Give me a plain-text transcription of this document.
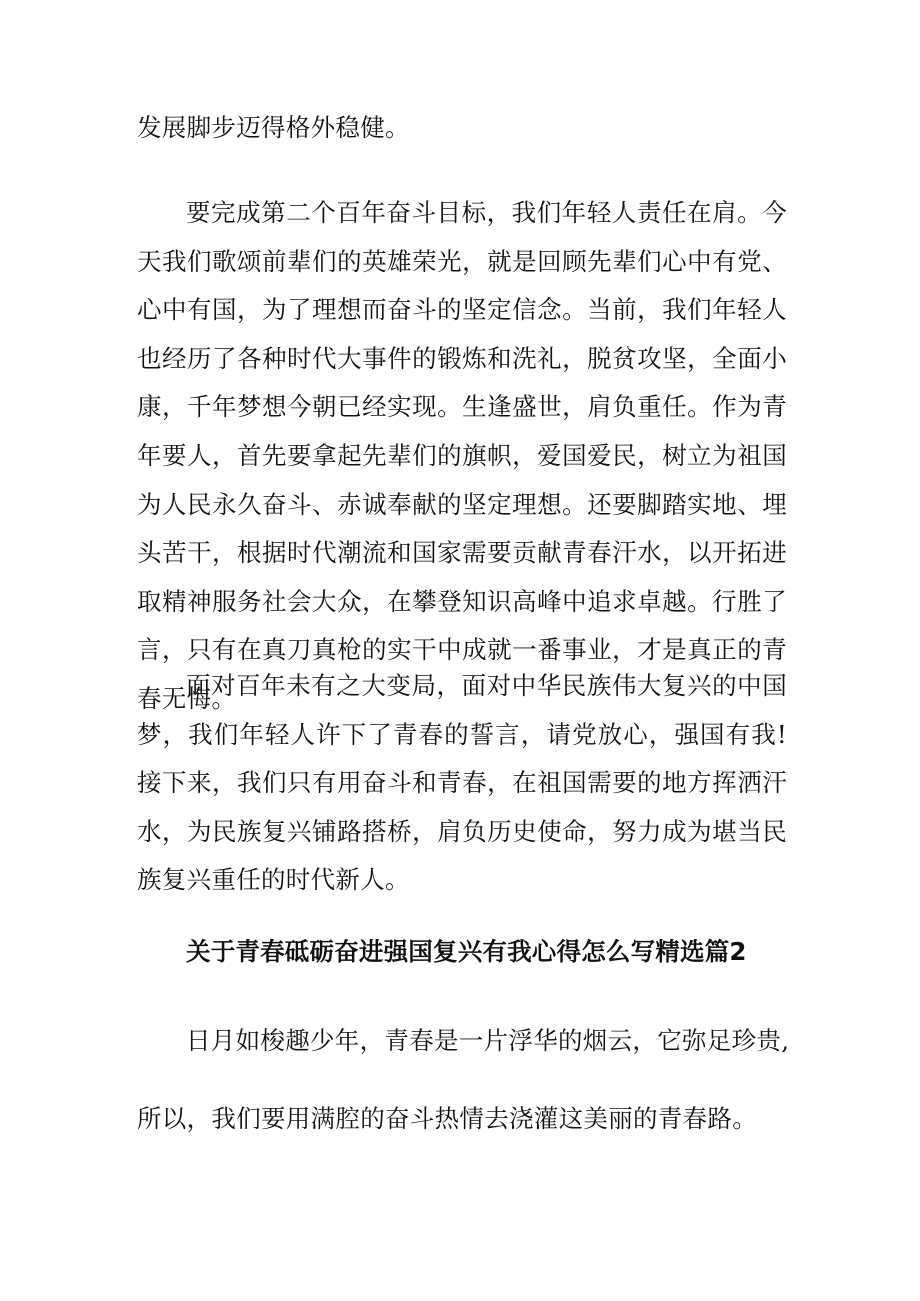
发展脚步迈得格外稳健。

要完成第二个百年奋斗目标，我们年轻人责任在肩。今天我们歌颂前辈们的英雄荣光，就是回顾先辈们心中有党、心中有国，为了理想而奋斗的坚定信念。当前，我们年轻人也经历了各种时代大事件的锻炼和洗礼，脱贫攻坚，全面小康，千年梦想今朝已经实现。生逢盛世，肩负重任。作为青年要人，首先要拿起先辈们的旗帜，爱国爱民，树立为祖国为人民永久奋斗、赤诚奉献的坚定理想。还要脚踏实地、埋头苦干，根据时代潮流和国家需要贡献青春汗水，以开拓进取精神服务社会大众，在攀登知识高峰中追求卓越。行胜了言，只有在真刀真枪的实干中成就一番事业，才是真正的青春无悔。

面对百年未有之大变局，面对中华民族伟大复兴的中国梦，我们年轻人许下了青春的誓言，请党放心，强国有我!接下来，我们只有用奋斗和青春，在祖国需要的地方挥洒汗水，为民族复兴铺路搭桥，肩负历史使命，努力成为堪当民族复兴重任的时代新人。

关于青春砥砺奋进强国复兴有我心得怎么写精选篇2

日月如梭趣少年，青春是一片浮华的烟云，它弥足珍贵,

所以，我们要用满腔的奋斗热情去浇灌这美丽的青春路。
